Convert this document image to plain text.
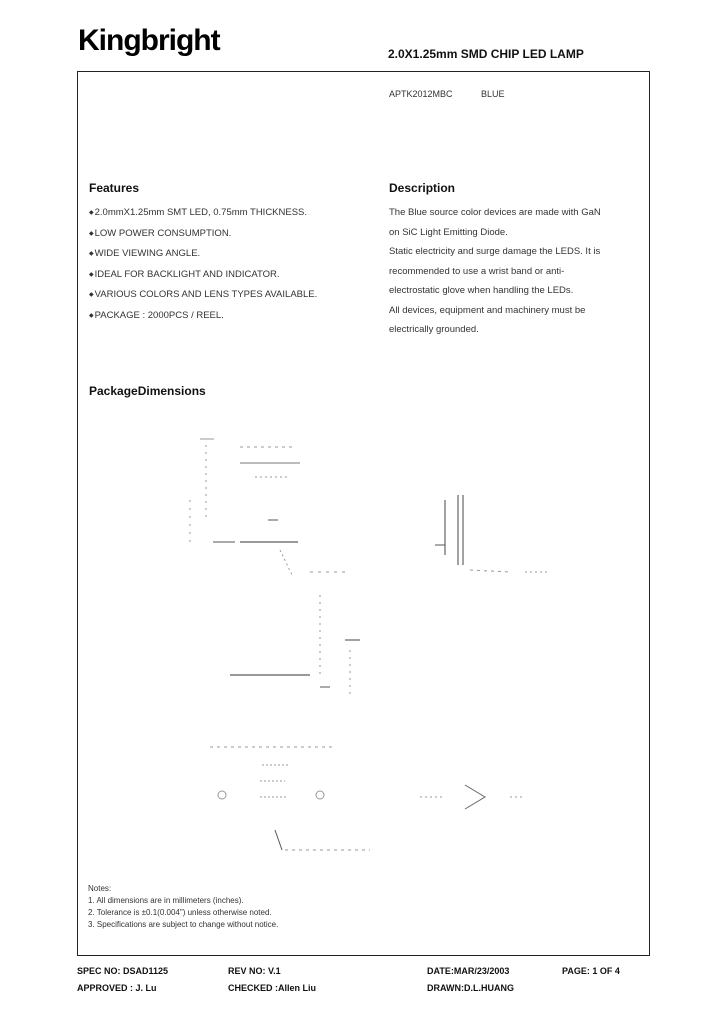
Kingbright	2.0X1.25mm SMD CHIP LED LAMP
APTK2012MBC	BLUE
Features
◆ 2.0mmX1.25mm SMT LED, 0.75mm THICKNESS.
◆ LOW POWER CONSUMPTION.
◆ WIDE VIEWING ANGLE.
◆ IDEAL FOR BACKLIGHT AND INDICATOR.
◆ VARIOUS COLORS AND LENS TYPES AVAILABLE.
◆ PACKAGE : 2000PCS / REEL.
Description
The Blue source color devices are made with GaN
on SiC Light Emitting Diode.
Static electricity and surge damage the LEDS. It is
recommended to use a wrist band or anti-
electrostatic glove when handling the LEDs.
All devices, equipment and machinery must be
electrically grounded.
PackageDimensions
Notes:
1. All dimensions are in millimeters (inches).
2. Tolerance is ±0.1(0.004") unless otherwise noted.
3. Specifications are subject to change without notice.
SPEC NO: DSAD1125	REV NO: V.1	DATE:MAR/23/2003	PAGE: 1 OF 4
APPROVED : J. Lu	CHECKED :Allen Liu	DRAWN:D.L.HUANG
